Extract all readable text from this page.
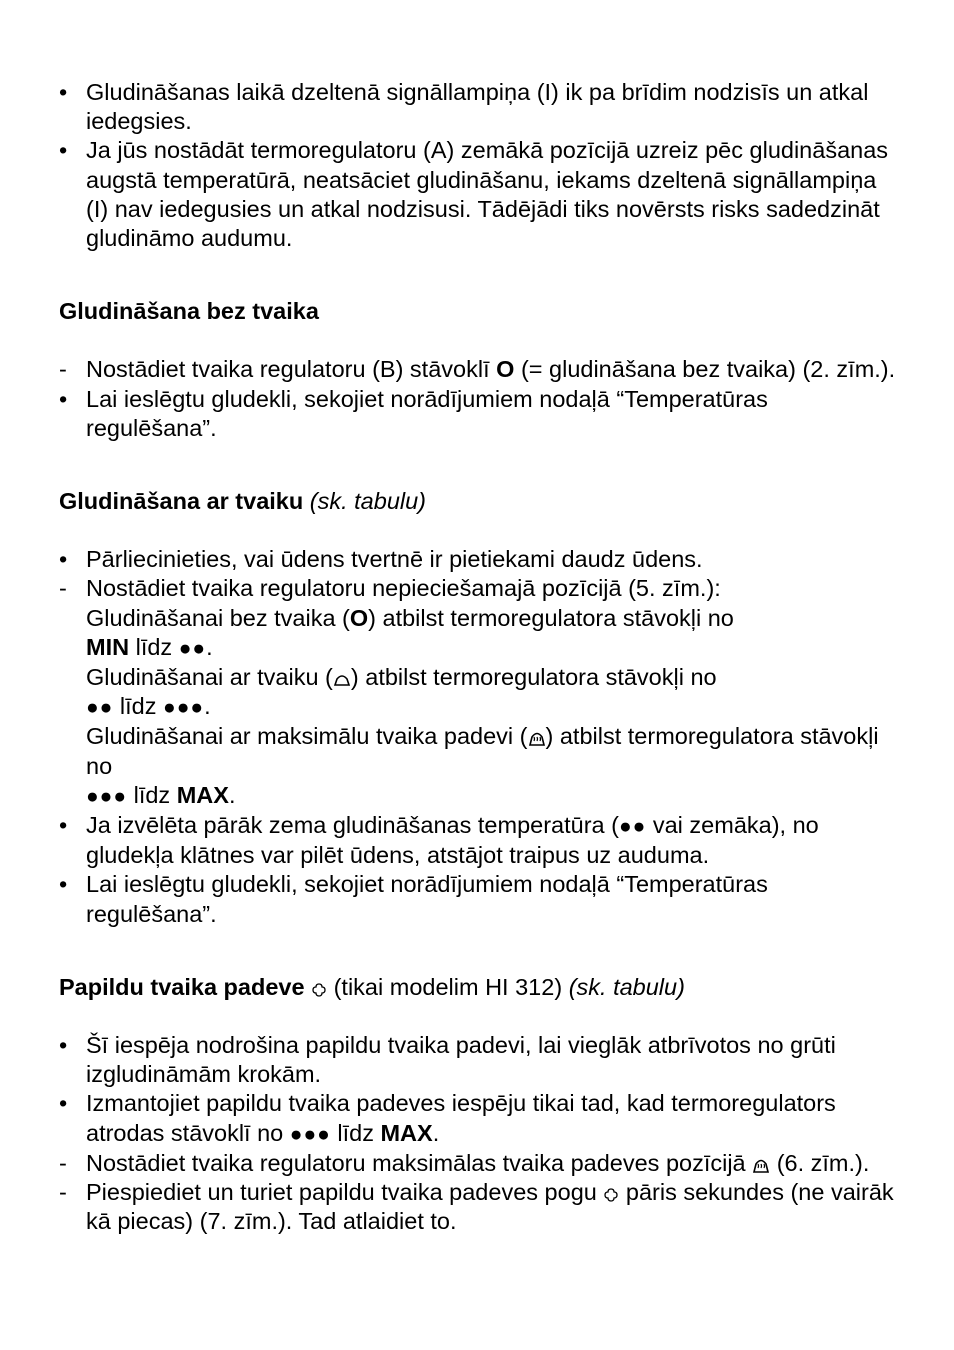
• Gludināšanas laikā dzeltenā signāllampiņa (I) ik pa brīdim nodzisīs un atkal iedegsies.
• Ja jūs nostādāt termoregulatoru (A) zemākā pozīcijā uzreiz pēc gludināšanas augstā temperatūrā, neatsāciet gludināšanu, iekams dzeltenā signāllampiņa (I) nav iedegusies un atkal nodzisusi. Tādējādi tiks novērsts risks sadedzināt gludināmo audumu.
Gludināšana bez tvaika
- Nostādiet tvaika regulatoru (B) stāvoklī O (= gludināšana bez tvaika) (2. zīm.).
• Lai ieslēgtu gludekli, sekojiet norādījumiem nodaļā “Temperatūras regulēšana”.
Gludināšana ar tvaiku (sk. tabulu)
• Pārliecinieties, vai ūdens tvertnē ir pietiekami daudz ūdens.
- Nostādiet tvaika regulatoru nepieciešamajā pozīcijā (5. zīm.):
Gludināšanai bez tvaika (O) atbilst termoregulatora stāvokļi no
MIN līdz ●●.
Gludināšanai ar tvaiku ( ) atbilst termoregulatora stāvokļi no
●● līdz ●●●.
Gludināšanai ar maksimālu tvaika padevi ( ) atbilst termoregulatora stāvokļi no
●●● līdz MAX.
• Ja izvēlēta pārāk zema gludināšanas temperatūra (●● vai zemāka), no gludekļa klātnes var pilēt ūdens, atstājot traipus uz auduma.
• Lai ieslēgtu gludekli, sekojiet norādījumiem nodaļā “Temperatūras regulēšana”.
Papildu tvaika padeve (tikai modelim HI 312) (sk. tabulu)
• Šī iespēja nodrošina papildu tvaika padevi, lai vieglāk atbrīvotos no grūti izgludināmām krokām.
• Izmantojiet papildu tvaika padeves iespēju tikai tad, kad termoregulators atrodas stāvoklī no ●●● līdz MAX.
- Nostādiet tvaika regulatoru maksimālas tvaika padeves pozīcijā
(6. zīm.).
- Piespiediet un turiet papildu tvaika padeves pogu
pāris sekundes (ne vairāk kā piecas) (7. zīm.). Tad atlaidiet to.
